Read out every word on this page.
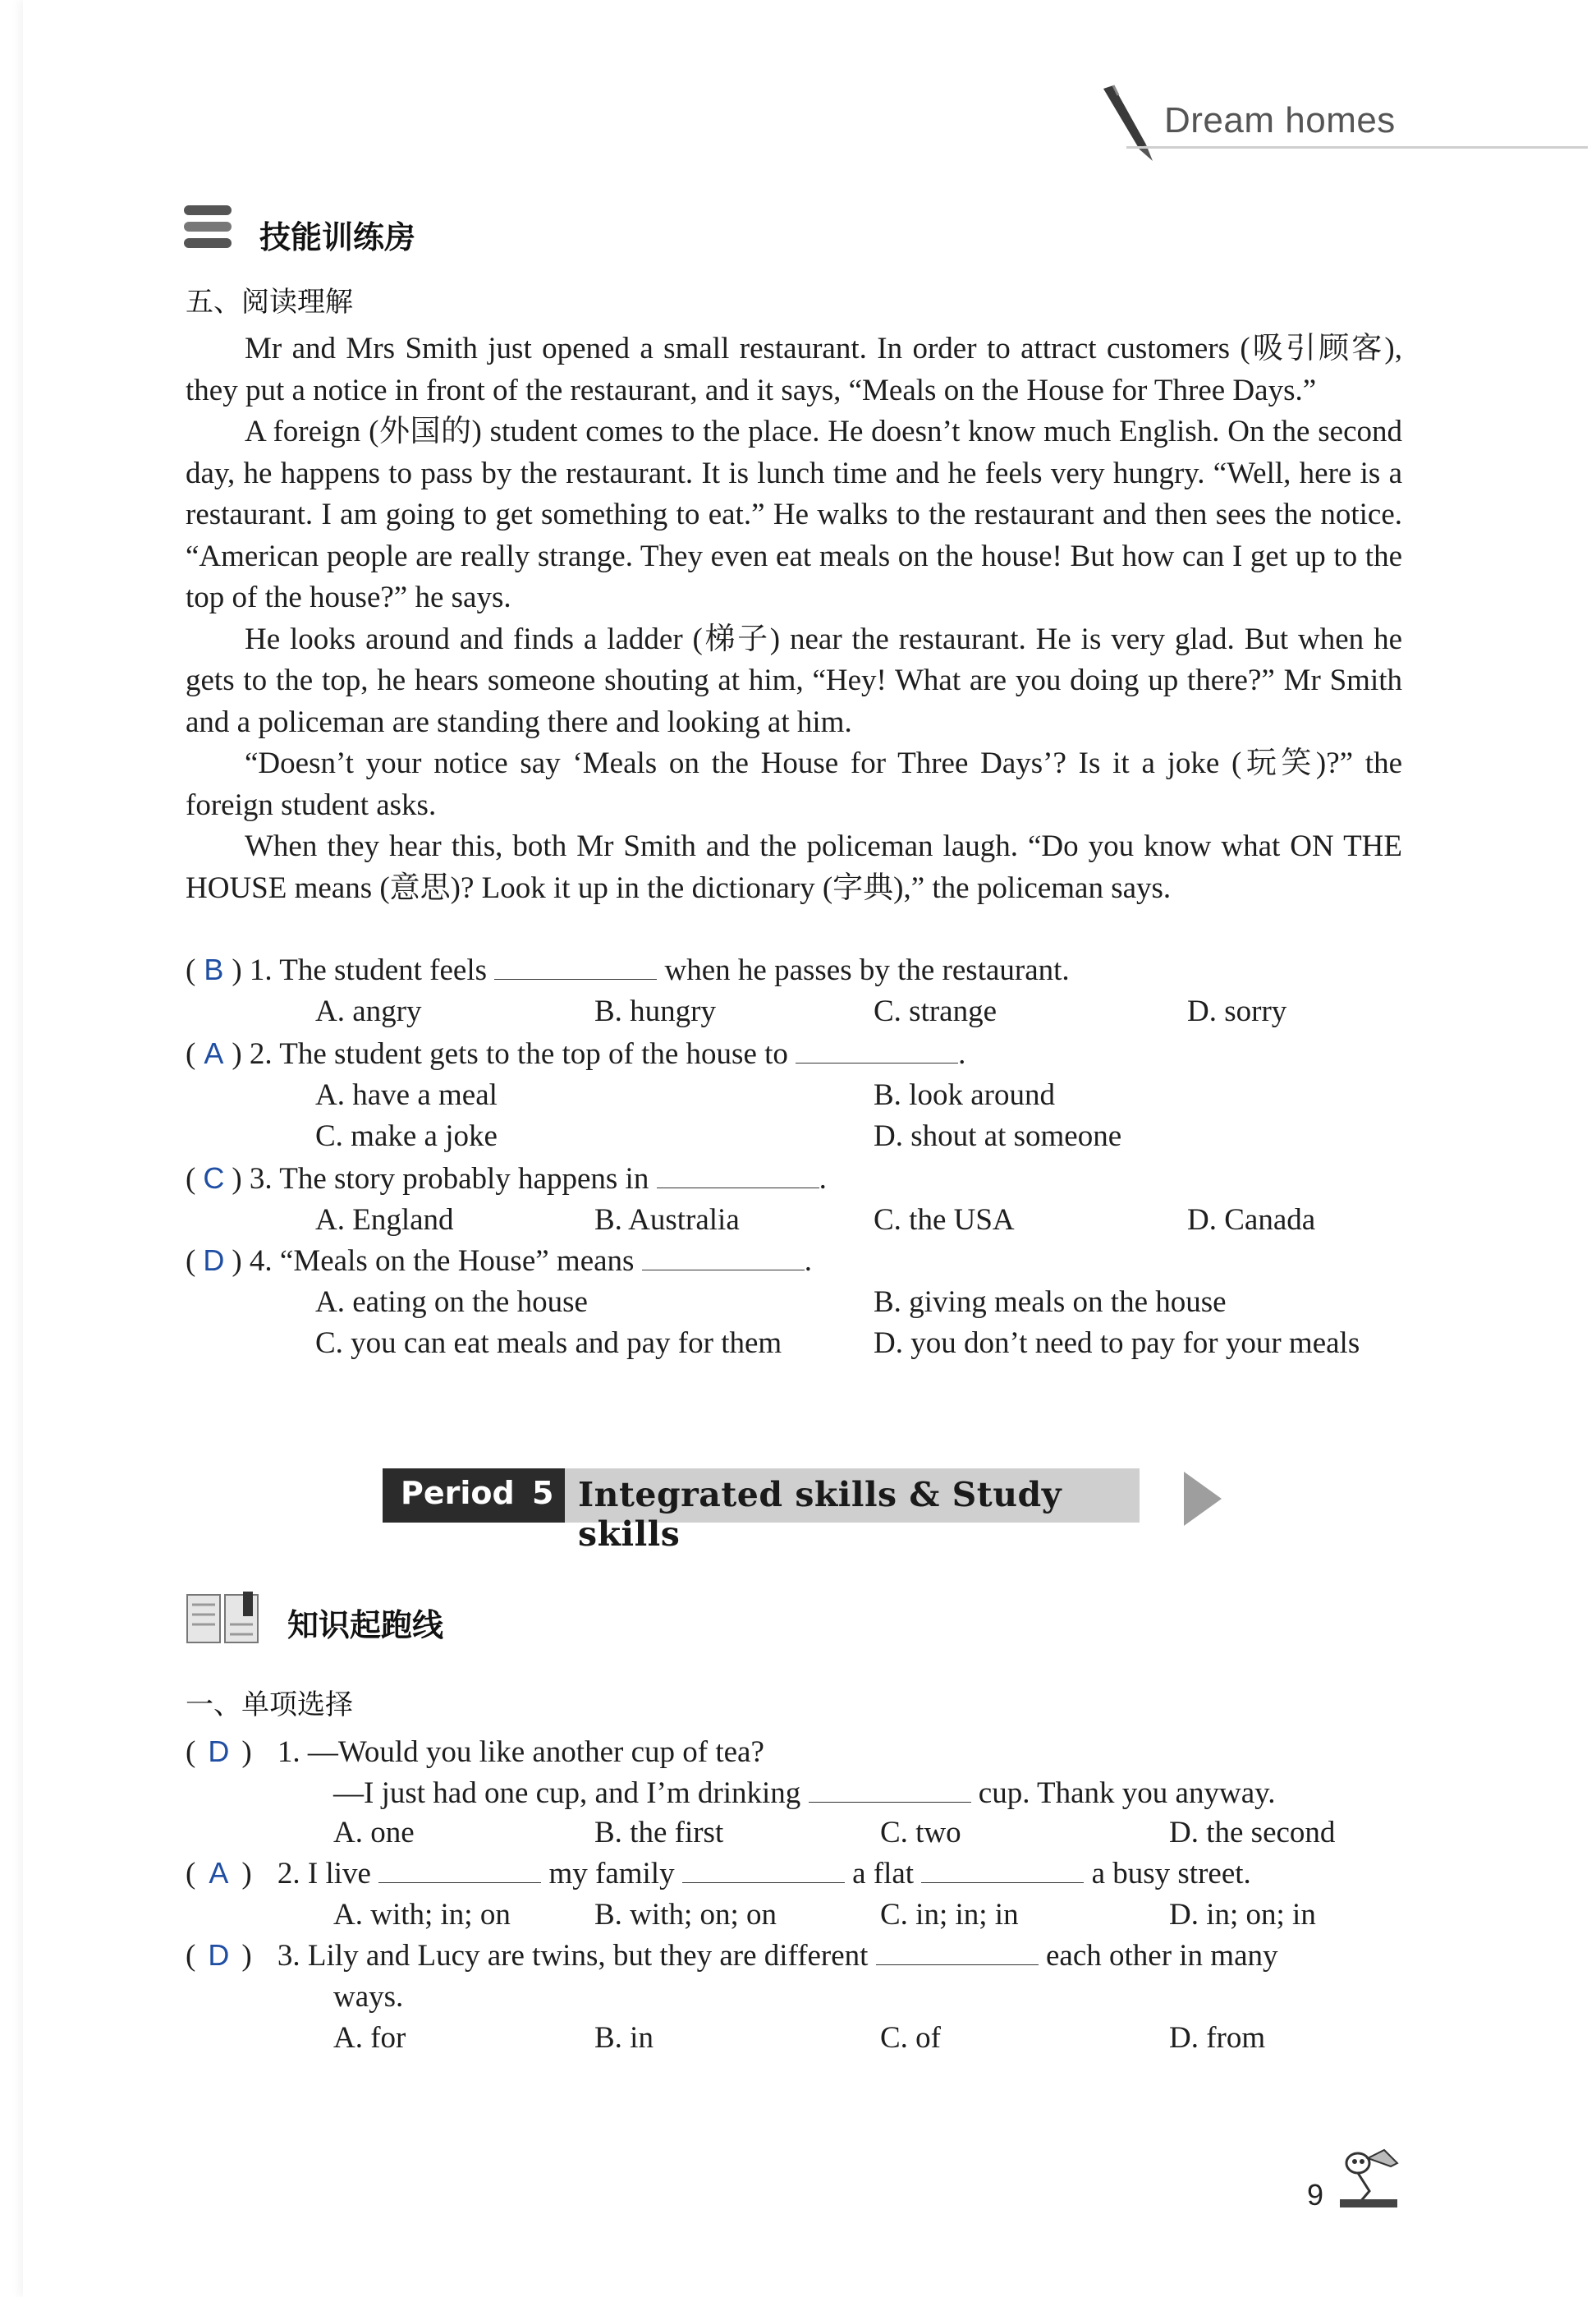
Dream homes
技能训练房
五、阅读理解
Mr and Mrs Smith just opened a small restaurant. In order to attract customers (吸引顾客), they put a notice in front of the restaurant, and it says, “Meals on the House for Three Days.”
A foreign (外国的) student comes to the place. He doesn’t know much English. On the second day, he happens to pass by the restaurant. It is lunch time and he feels very hungry. “Well, here is a restaurant. I am going to get something to eat.” He walks to the restaurant and then sees the notice. “American people are really strange. They even eat meals on the house! But how can I get up to the top of the house?” he says.
He looks around and finds a ladder (梯子) near the restaurant. He is very glad. But when he gets to the top, he hears someone shouting at him, “Hey! What are you doing up there?” Mr Smith and a policeman are standing there and looking at him.
“Doesn’t your notice say ‘Meals on the House for Three Days’? Is it a joke (玩笑)?” the foreign student asks.
When they hear this, both Mr Smith and the policeman laugh. “Do you know what ON THE HOUSE means (意思)? Look it up in the dictionary (字典),” the policeman says.
( B ) 1. The student feels	when he passes by the restaurant.
A. angry	B. hungry	C. strange	D. sorry
( A ) 2. The student gets to the top of the house to	.
A. have a meal	B. look around
C. make a joke	D. shout at someone
( C ) 3. The story probably happens in	.
A. England	B. Australia	C. the USA	D. Canada
( D ) 4. “Meals on the House” means	.
A. eating on the house	B. giving meals on the house
C. you can eat meals and pay for them	D. you don’t need to pay for your meals
Period 5 Integrated skills & Study skills
知识起跑线
一、单项选择
( D ) 1. —Would you like another cup of tea?
—I just had one cup, and I’m drinking	cup. Thank you anyway.
A. one	B. the first	C. two	D. the second
( A ) 2. I live	my family	a flat	a busy street.
A. with; in; on	B. with; on; on	C. in; in; in	D. in; on; in
( D ) 3. Lily and Lucy are twins, but they are different	each other in many
ways.
A. for	B. in	C. of	D. from
9
